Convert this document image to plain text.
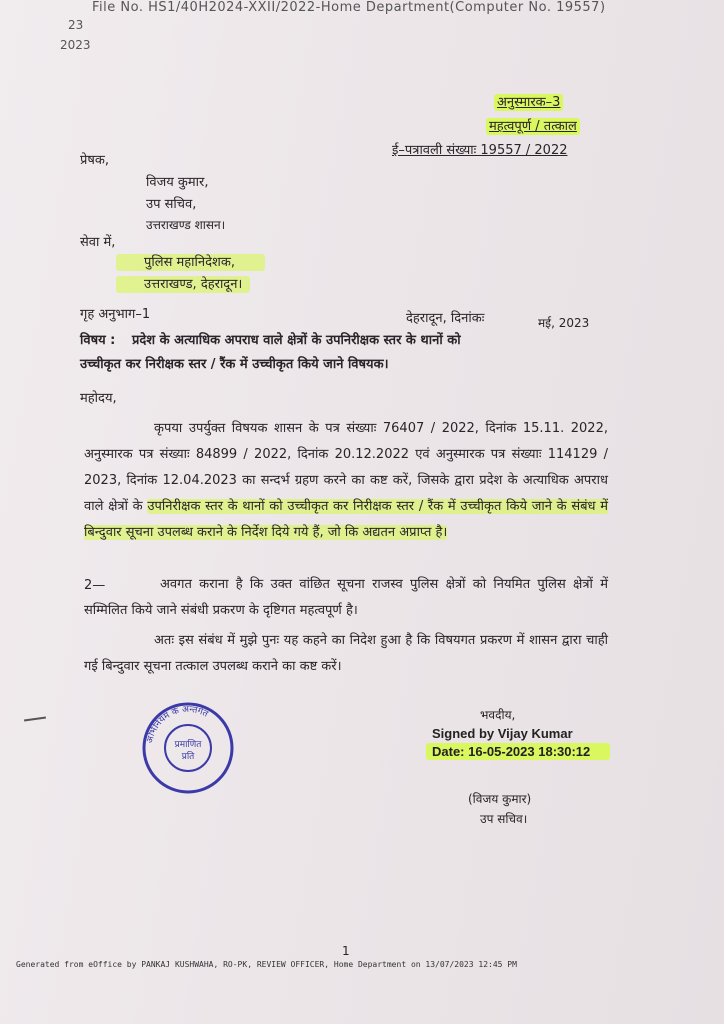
File No. HS1/40H2024-XXII/2022-Home Department(Computer No. 19557)
23
2023
अनुस्मारक–3
महत्वपूर्ण / तत्काल
ई–पत्रावली संख्याः 19557 / 2022
प्रेषक,
विजय कुमार,
उप सचिव,
उत्तराखण्ड शासन।
सेवा में,
पुलिस महानिदेशक,
उत्तराखण्ड, देहरादून।
गृह अनुभाग–1	देहरादून, दिनांकः	मई, 2023
विषय : प्रदेश के अत्याधिक अपराध वाले क्षेत्रों के उपनिरीक्षक स्तर के थानों को
उच्चीकृत कर निरीक्षक स्तर / रैंक में उच्चीकृत किये जाने विषयक।
महोदय,
कृपया उपर्युक्त विषयक शासन के पत्र संख्याः 76407 / 2022, दिनांक 15.11. 2022, अनुस्मारक पत्र संख्याः 84899 / 2022, दिनांक 20.12.2022 एवं अनुस्मारक पत्र संख्याः 114129 / 2023, दिनांक 12.04.2023 का सन्दर्भ ग्रहण करने का कष्ट करें, जिसके द्वारा प्रदेश के अत्याधिक अपराध वाले क्षेत्रों के उपनिरीक्षक स्तर के थानों को उच्चीकृत कर निरीक्षक स्तर / रैंक में उच्चीकृत किये जाने के संबंध में बिन्दुवार सूचना उपलब्ध कराने के निर्देश दिये गये हैं, जो कि अद्यतन अप्राप्त है।
2—	अवगत कराना है कि उक्त वांछित सूचना राजस्व पुलिस क्षेत्रों को नियमित पुलिस क्षेत्रों में सम्मिलित किये जाने संबंधी प्रकरण के दृष्टिगत महत्वपूर्ण है।
अतः इस संबंध में मुझे पुनः यह कहने का निदेश हुआ है कि विषयगत प्रकरण में शासन द्वारा चाही गई बिन्दुवार सूचना तत्काल उपलब्ध कराने का कष्ट करें।
अभिनियम के अन्तर्गत
प्रमाणित
प्रति
भवदीय,
Signed by Vijay Kumar
Date: 16-05-2023 18:30:12
(विजय कुमार)
उप सचिव।
1
Generated from eOffice by PANKAJ KUSHWAHA, RO-PK, REVIEW OFFICER, Home Department on 13/07/2023 12:45 PM
